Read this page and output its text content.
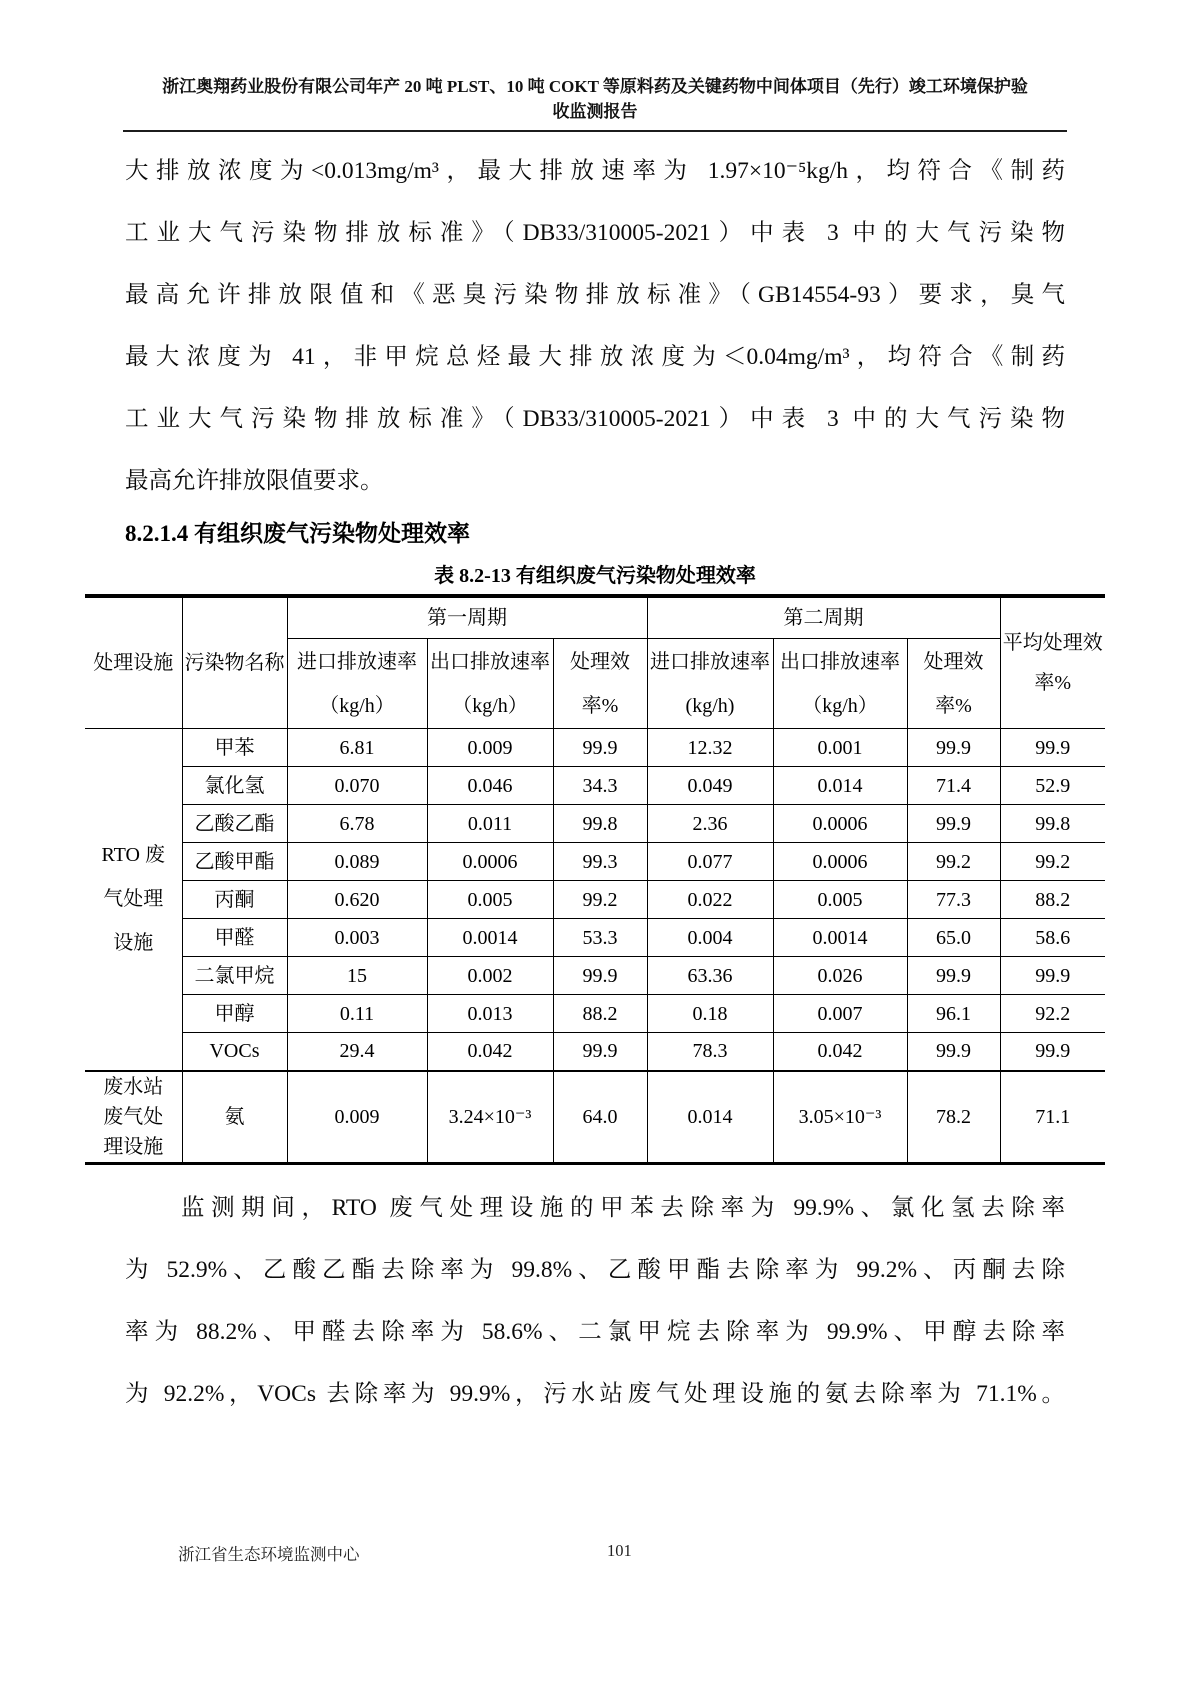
浙江奥翔药业股份有限公司年产 20 吨 PLST、10 吨 COKT 等原料药及关键药物中间体项目（先行）竣工环境保护验
收监测报告
大排放浓度为<0.013mg/m³，最大排放速率为 1.97×10⁻⁵kg/h，均符合《制药
工业大气污染物排放标准》（DB33/310005-2021）中表 3 中的大气污染物
最高允许排放限值和《恶臭污染物排放标准》（GB14554-93）要求，臭气
最大浓度为 41，非甲烷总烃最大排放浓度为＜0.04mg/m³，均符合《制药
工业大气污染物排放标准》（DB33/310005-2021）中表 3 中的大气污染物
最高允许排放限值要求。
8.2.1.4 有组织废气污染物处理效率
表 8.2-13 有组织废气污染物处理效率
处理设施	污染物名称	第一周期			第二周期			平均处理效率%
		进口排放速率（kg/h）	出口排放速率（kg/h）	处理效率%	进口排放速率(kg/h)	出口排放速率（kg/h）	处理效率%	
RTO 废气处理设施	甲苯	6.81	0.009	99.9	12.32	0.001	99.9	99.9
	氯化氢	0.070	0.046	34.3	0.049	0.014	71.4	52.9
	乙酸乙酯	6.78	0.011	99.8	2.36	0.0006	99.9	99.8
	乙酸甲酯	0.089	0.0006	99.3	0.077	0.0006	99.2	99.2
	丙酮	0.620	0.005	99.2	0.022	0.005	77.3	88.2
	甲醛	0.003	0.0014	53.3	0.004	0.0014	65.0	58.6
	二氯甲烷	15	0.002	99.9	63.36	0.026	99.9	99.9
	甲醇	0.11	0.013	88.2	0.18	0.007	96.1	92.2
	VOCs	29.4	0.042	99.9	78.3	0.042	99.9	99.9
废水站废气处理设施	氨	0.009	3.24×10⁻³	64.0	0.014	3.05×10⁻³	78.2	71.1
监测期间，RTO 废气处理设施的甲苯去除率为 99.9%、氯化氢去除率
为 52.9%、乙酸乙酯去除率为 99.8%、乙酸甲酯去除率为 99.2%、丙酮去除
率为 88.2%、甲醛去除率为 58.6%、二氯甲烷去除率为 99.9%、甲醇去除率
为 92.2%，VOCs 去除率为 99.9%，污水站废气处理设施的氨去除率为 71.1%。
浙江省生态环境监测中心	101
